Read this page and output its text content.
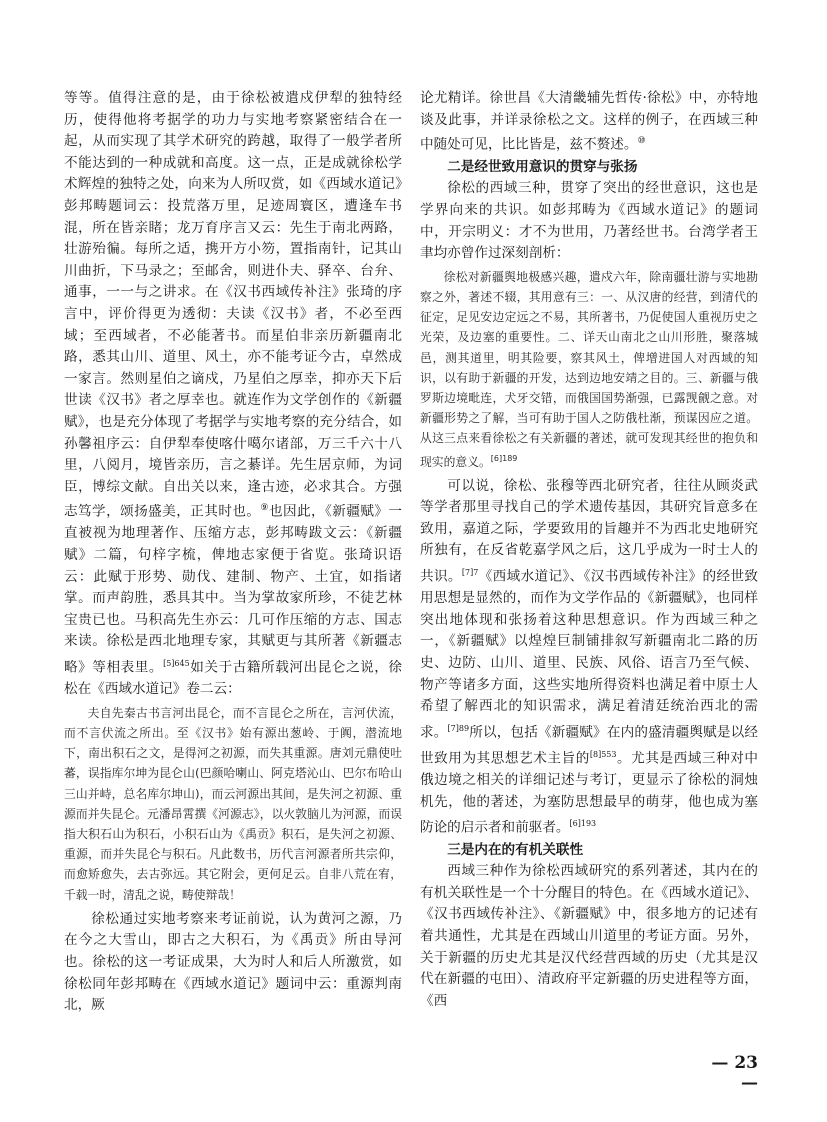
等等。值得注意的是，由于徐松被遣戍伊犁的独特经历，使得他将考据学的功力与实地考察紧密结合在一起，从而实现了其学术研究的跨越，取得了一般学者所不能达到的一种成就和高度。这一点，正是成就徐松学术辉煌的独特之处，向来为人所叹赏，如《西域水道记》彭邦畴题词云：投荒落万里，足迹周寰区，遭逢车书混，所在皆亲睹；龙万育序言又云：先生于南北两路，壮游殆徧。每所之适，携开方小笏，置指南针，记其山川曲折，下马录之；至邮舍，则进仆夫、驿卒、台弁、通事，一一与之讲求。在《汉书西域传补注》张琦的序言中，评价得更为透彻：夫读《汉书》者，不必至西域；至西域者，不必能著书。而星伯非亲历新疆南北路，悉其山川、道里、风土，亦不能考证今古，卓然成一家言。然则星伯之谪戍，乃星伯之厚幸，抑亦天下后世读《汉书》者之厚幸也。就连作为文学创作的《新疆赋》，也是充分体现了考据学与实地考察的充分结合，如孙馨祖序云：自伊犁奉使喀什噶尔诸部，万三千六十八里，八阅月，境皆亲历，言之綦详。先生居京师，为词臣，博综文献。自出关以来，逢古迹，必求其合。方强志笃学，颂扬盛美，正其时也。⑨也因此，《新疆赋》一直被视为地理著作、压缩方志，彭邦畴跋文云：《新疆赋》二篇，句梓字梳，俾地志家便于省览。张琦识语云：此赋于形势、勋伐、建制、物产、土宜，如指诸掌。而声韵胜，悉具其中。当为掌故家所珍，不徒艺林宝贵已也。马积高先生亦云：几可作压缩的方志、国志来读。徐松是西北地理专家，其赋更与其所著《新疆志略》等相表里。$^{[5]645}$如关于古籍所载河出昆仑之说，徐松在《西域水道记》卷二云：

夫自先秦古书言河出昆仑，而不言昆仑之所在，言河伏流，而不言伏流之所出。至《汉书》始有源出葱岭、于阗，潜流地下，南出积石之文，是得河之初源，而失其重源。唐刘元鼎使吐蕃，误指库尔坤为昆仑山(巴颜哈喇山、阿克塔沁山、巴尔布哈山三山并峙，总名库尔坤山)，而云河源出其间，是失河之初源、重源而并失昆仑。元潘昂霄撰《河源志》，以火敦脑儿为河源，而误指大积石山为积石，小积石山为《禹贡》积石，是失河之初源、重源，而并失昆仑与积石。凡此数书，历代言河源者所共宗仰，而愈矫愈失，去古弥远。其它附会，更何足云。自非八荒在宥，千载一时，清乱之说，畴使辩哉！

徐松通过实地考察来考证前说，认为黄河之源，乃在今之大雪山，即古之大积石，为《禹贡》所由导河也。徐松的这一考证成果，大为时人和后人所激赏，如徐松同年彭邦畴在《西域水道记》题词中云：重源判南北，厥

论尤精详。徐世昌《大清畿辅先哲传·徐松》中，亦特地谈及此事，并详录徐松之文。这样的例子，在西域三种中随处可见，比比皆是，兹不赘述。⑩

二是经世致用意识的贯穿与张扬

徐松的西域三种，贯穿了突出的经世意识，这也是学界向来的共识。如彭邦畴为《西域水道记》的题词中，开宗明义：才不为世用，乃著经世书。台湾学者王聿均亦曾作过深刻剖析：

徐松对新疆舆地极感兴趣，遣戍六年，除南疆壮游与实地勘察之外，著述不辍，其用意有三：一、从汉唐的经营，到清代的征定，足见安边定远之不易，其所著书，乃促使国人重视历史之光荣，及边塞的重要性。二、详天山南北之山川形胜，聚落城邑，测其道里，明其险要，察其风土，俾增进国人对西域的知识，以有助于新疆的开发，达到边地安靖之目的。三、新疆与俄罗斯边境毗连，犬牙交错，而俄国国势渐强，已露觊觎之意。对新疆形势之了解，当可有助于国人之防俄杜渐，预谋因应之道。从这三点来看徐松之有关新疆的著述，就可发现其经世的抱负和现实的意义。$^{[6]189}$

可以说，徐松、张穆等西北研究者，往往从顾炎武等学者那里寻找自己的学术遗传基因，其研究旨意多在致用，嘉道之际，学要致用的旨趣并不为西北史地研究所独有，在反省乾嘉学风之后，这几乎成为一时士人的共识。$^{[7]7}$《西域水道记》、《汉书西域传补注》的经世致用思想是显然的，而作为文学作品的《新疆赋》，也同样突出地体现和张扬着这种思想意识。作为西域三种之一，《新疆赋》以煌煌巨制铺排叙写新疆南北二路的历史、边防、山川、道里、民族、风俗、语言乃至气候、物产等诸多方面，这些实地所得资料也满足着中原士人希望了解西北的知识需求，满足着清廷统治西北的需求。$^{[7]89}$所以，包括《新疆赋》在内的盛清疆舆赋是以经世致用为其思想艺术主旨的$^{[8]553}$。尤其是西域三种对中俄边境之相关的详细记述与考订，更显示了徐松的洞烛机先，他的著述，为塞防思想最早的萌芽，他也成为塞防论的启示者和前驱者。$^{[6]193}$

三是内在的有机关联性

西域三种作为徐松西域研究的系列著述，其内在的有机关联性是一个十分醒目的特色。在《西域水道记》、《汉书西域传补注》、《新疆赋》中，很多地方的记述有着共通性，尤其是在西域山川道里的考证方面。另外，关于新疆的历史尤其是汉代经营西域的历史（尤其是汉代在新疆的屯田）、清政府平定新疆的历史进程等方面，《西

— 23 —
